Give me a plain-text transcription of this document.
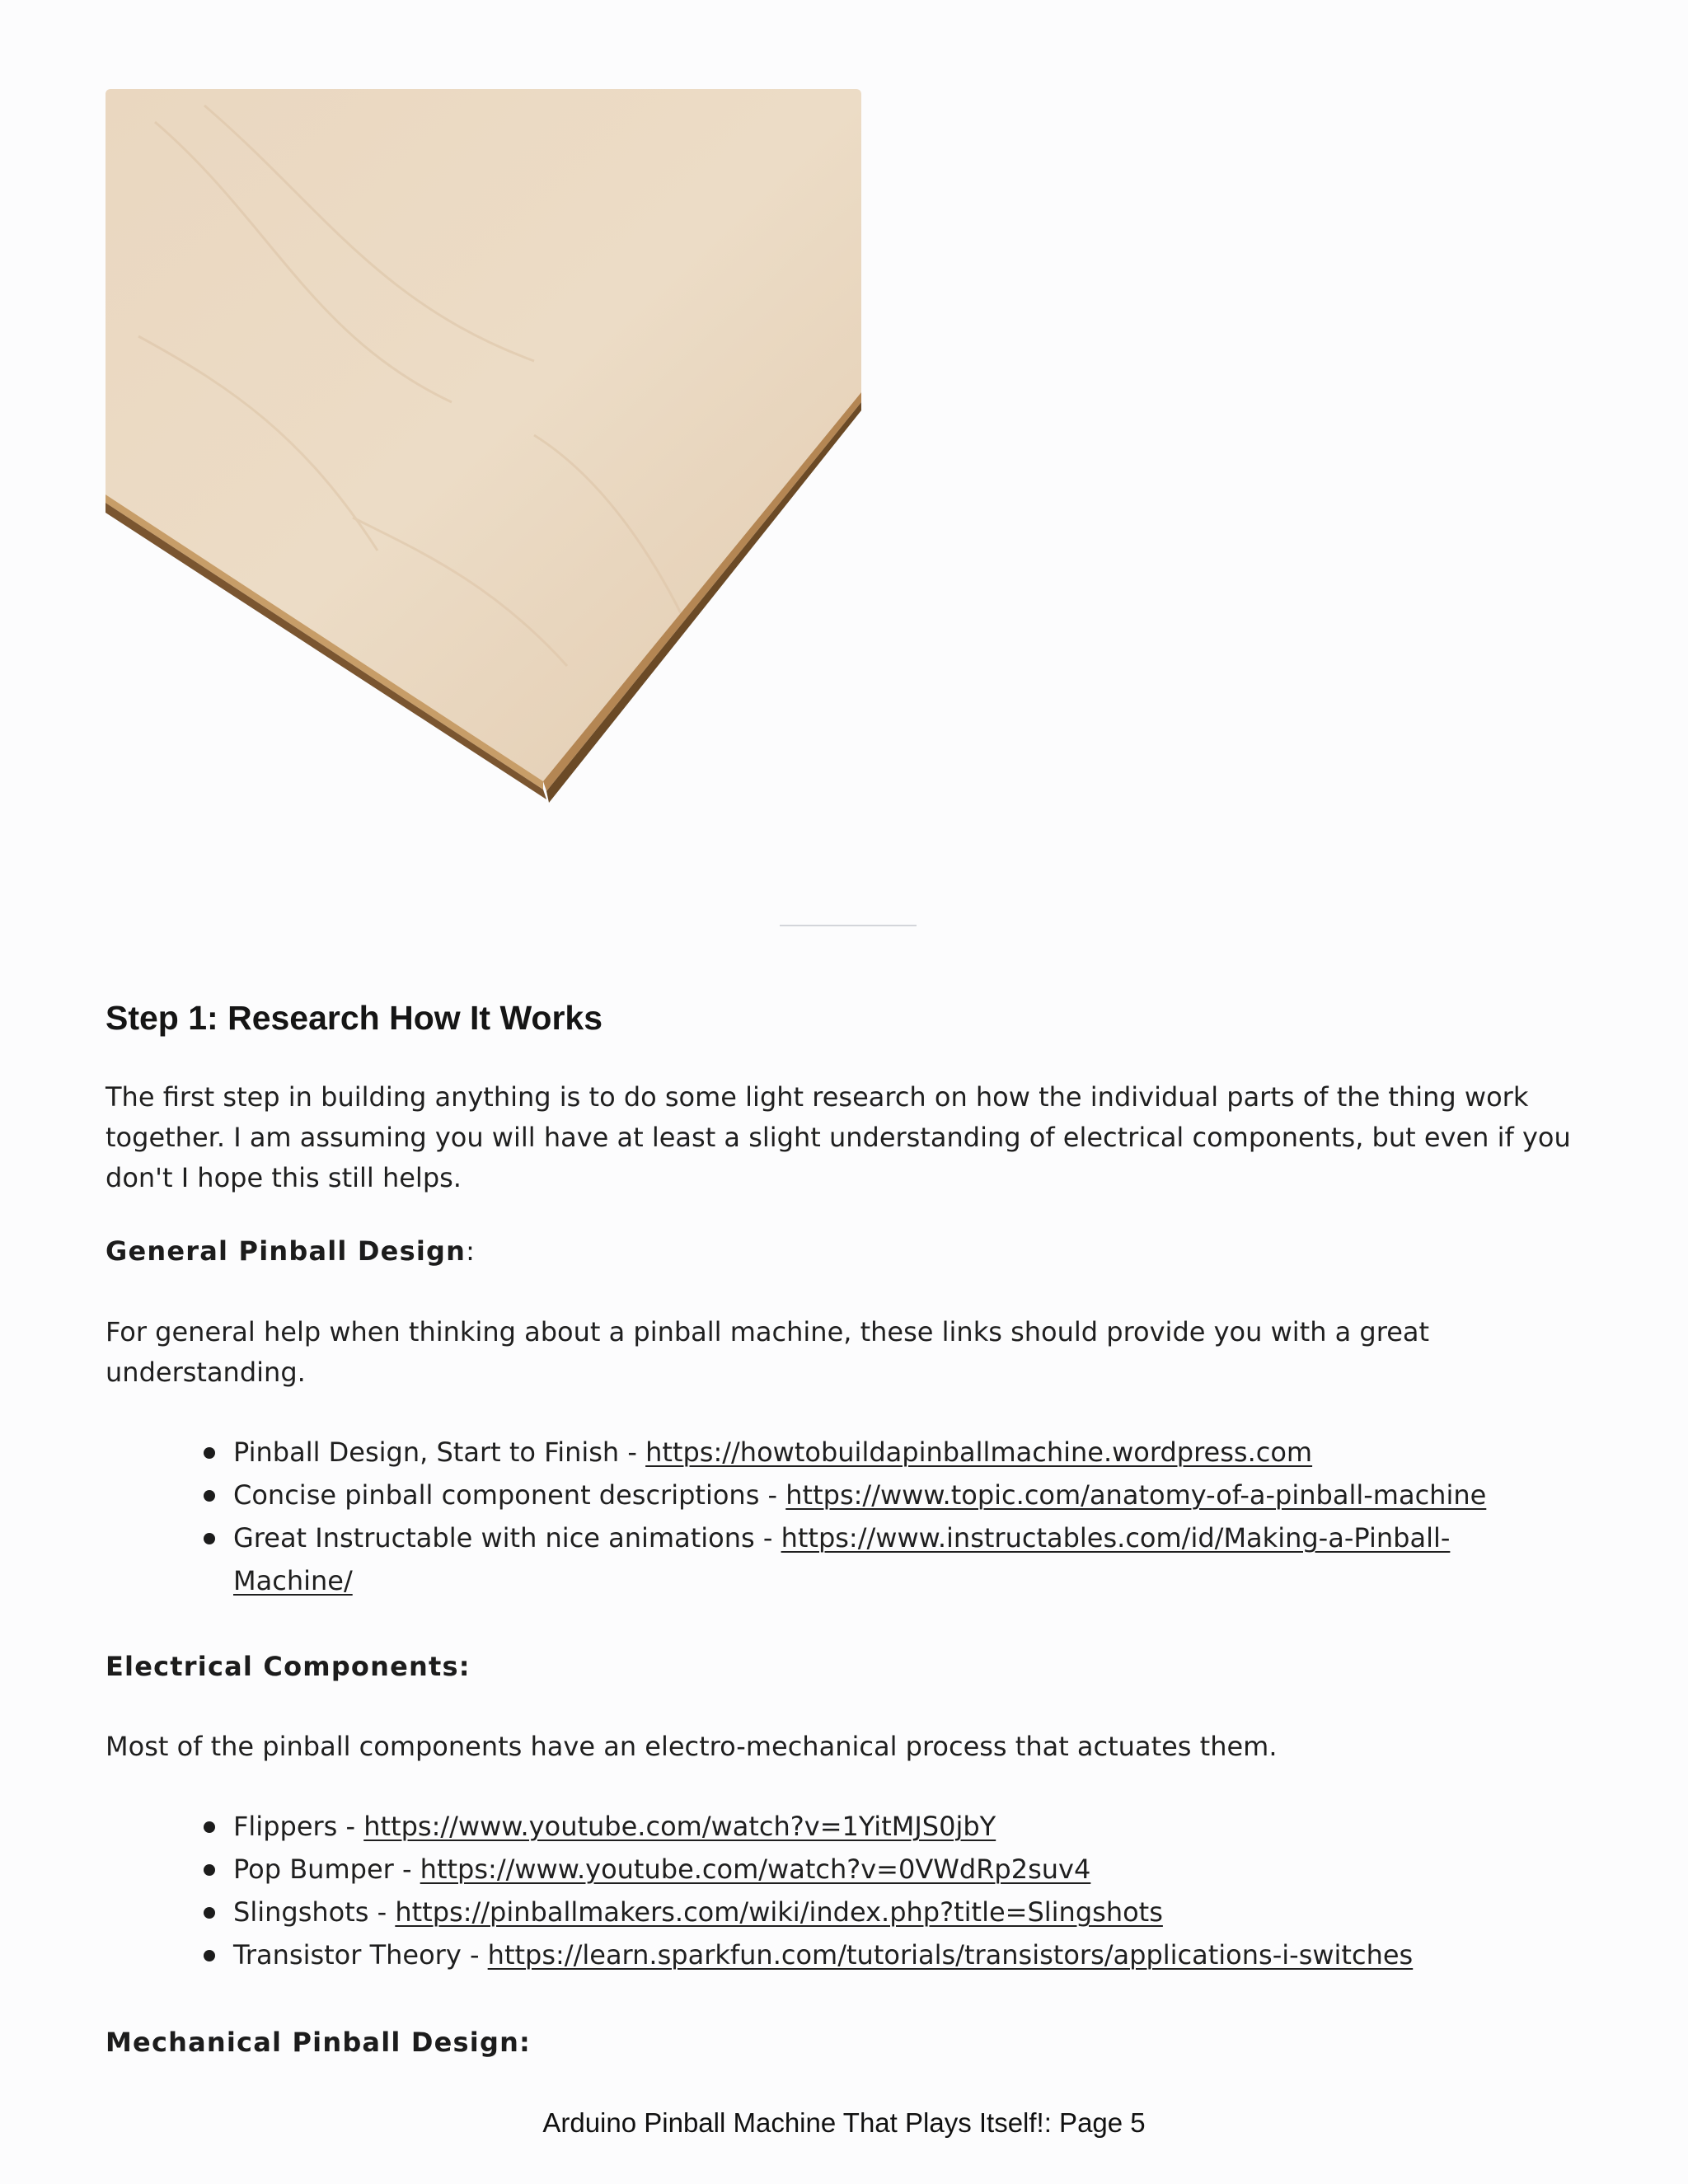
Step 1: Research How It Works

The first step in building anything is to do some light research on how the individual parts of the thing work together. I am assuming you will have at least a slight understanding of electrical components, but even if you don't I hope this still helps.

General Pinball Design:

For general help when thinking about a pinball machine, these links should provide you with a great understanding.

Pinball Design, Start to Finish - https://howtobuildapinballmachine.wordpress.com
Concise pinball component descriptions - https://www.topic.com/anatomy-of-a-pinball-machine
Great Instructable with nice animations - https://www.instructables.com/id/Making-a-Pinball-Machine/
Electrical Components:

Most of the pinball components have an electro-mechanical process that actuates them.

Flippers - https://www.youtube.com/watch?v=1YitMJS0jbY
Pop Bumper - https://www.youtube.com/watch?v=0VWdRp2suv4
Slingshots - https://pinballmakers.com/wiki/index.php?title=Slingshots
Transistor Theory - https://learn.sparkfun.com/tutorials/transistors/applications-i-switches
Mechanical Pinball Design:
Arduino Pinball Machine That Plays Itself!: Page 5
